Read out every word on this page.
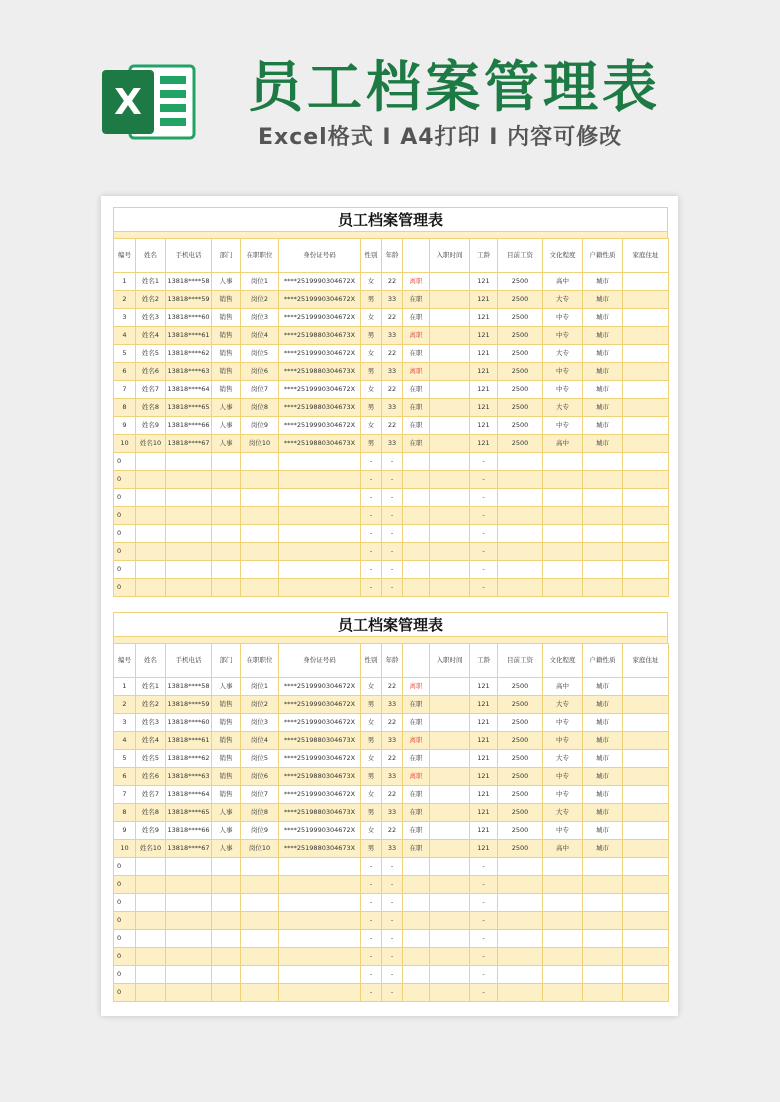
X 员工档案管理表
Excel格式 I A4打印 I 内容可修改
员工档案管理表
编号	姓名	手机电话	部门	在职职位	身份证号码	性别	年龄		入职时间	工龄	目前工资	文化程度	户籍性质	家庭住址
1	姓名1	13818****58	人事	岗位1	****2519990304672X	女	22	离职		121	2500	高中	城市	
2	姓名2	13818****59	销售	岗位2	****2519990304672X	男	33	在职		121	2500	大专	城市	
3	姓名3	13818****60	销售	岗位3	****2519990304672X	女	22	在职		121	2500	中专	城市	
4	姓名4	13818****61	销售	岗位4	****2519880304673X	男	33	离职		121	2500	中专	城市	
5	姓名5	13818****62	销售	岗位5	****2519990304672X	女	22	在职		121	2500	大专	城市	
6	姓名6	13818****63	销售	岗位6	****2519880304673X	男	33	离职		121	2500	中专	城市	
7	姓名7	13818****64	销售	岗位7	****2519990304672X	女	22	在职		121	2500	中专	城市	
8	姓名8	13818****65	人事	岗位8	****2519880304673X	男	33	在职		121	2500	大专	城市	
9	姓名9	13818****66	人事	岗位9	****2519990304672X	女	22	在职		121	2500	中专	城市	
10	姓名10	13818****67	人事	岗位10	****2519880304673X	男	33	在职		121	2500	高中	城市	
0						-	-			-				
0						-	-			-				
0						-	-			-				
0						-	-			-				
0						-	-			-				
0						-	-			-				
0						-	-			-				
0						-	-			-				
员工档案管理表
编号	姓名	手机电话	部门	在职职位	身份证号码	性别	年龄		入职时间	工龄	目前工资	文化程度	户籍性质	家庭住址
1	姓名1	13818****58	人事	岗位1	****2519990304672X	女	22	离职		121	2500	高中	城市	
2	姓名2	13818****59	销售	岗位2	****2519990304672X	男	33	在职		121	2500	大专	城市	
3	姓名3	13818****60	销售	岗位3	****2519990304672X	女	22	在职		121	2500	中专	城市	
4	姓名4	13818****61	销售	岗位4	****2519880304673X	男	33	离职		121	2500	中专	城市	
5	姓名5	13818****62	销售	岗位5	****2519990304672X	女	22	在职		121	2500	大专	城市	
6	姓名6	13818****63	销售	岗位6	****2519880304673X	男	33	离职		121	2500	中专	城市	
7	姓名7	13818****64	销售	岗位7	****2519990304672X	女	22	在职		121	2500	中专	城市	
8	姓名8	13818****65	人事	岗位8	****2519880304673X	男	33	在职		121	2500	大专	城市	
9	姓名9	13818****66	人事	岗位9	****2519990304672X	女	22	在职		121	2500	中专	城市	
10	姓名10	13818****67	人事	岗位10	****2519880304673X	男	33	在职		121	2500	高中	城市	
0						-	-			-				
0						-	-			-				
0						-	-			-				
0						-	-			-				
0						-	-			-				
0						-	-			-				
0						-	-			-				
0						-	-			-				
